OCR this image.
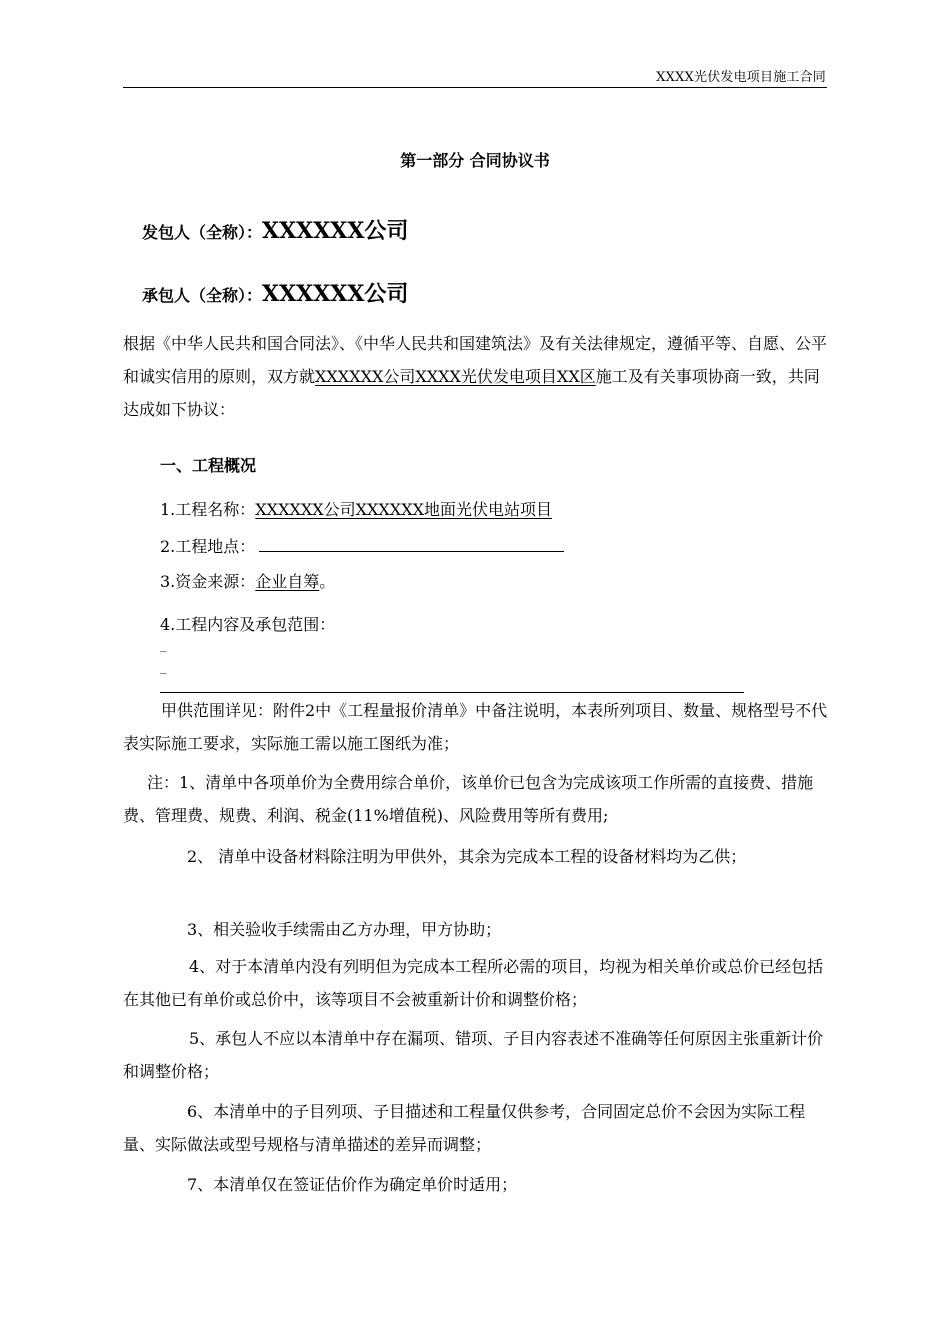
XXXX光伏发电项目施工合同
第一部分 合同协议书
发包人（全称）：XXXXXX公司
承包人（全称）：XXXXXX公司
根据《中华人民共和国合同法》、《中华人民共和国建筑法》及有关法律规定，遵循平等、自愿、公平和诚实信用的原则，双方就XXXXXX公司XXXX光伏发电项目XX区施工及有关事项协商一致，共同达成如下协议：
一、工程概况
1.工程名称：XXXXXX公司XXXXXX地面光伏电站项目
2.工程地点：
3.资金来源：企业自筹。
4.工程内容及承包范围：
_
_
甲供范围详见：附件2中《工程量报价清单》中备注说明，本表所列项目、数量、规格型号不代表实际施工要求，实际施工需以施工图纸为准；
注：1、清单中各项单价为全费用综合单价，该单价已包含为完成该项工作所需的直接费、措施费、管理费、规费、利润、税金(11%增值税)、风险费用等所有费用;
2、 清单中设备材料除注明为甲供外，其余为完成本工程的设备材料均为乙供；
3、相关验收手续需由乙方办理，甲方协助；
4、对于本清单内没有列明但为完成本工程所必需的项目，均视为相关单价或总价已经包括在其他已有单价或总价中，该等项目不会被重新计价和调整价格；
5、承包人不应以本清单中存在漏项、错项、子目内容表述不准确等任何原因主张重新计价和调整价格；
6、本清单中的子目列项、子目描述和工程量仅供参考，合同固定总价不会因为实际工程量、实际做法或型号规格与清单描述的差异而调整；
7、本清单仅在签证估价作为确定单价时适用；
